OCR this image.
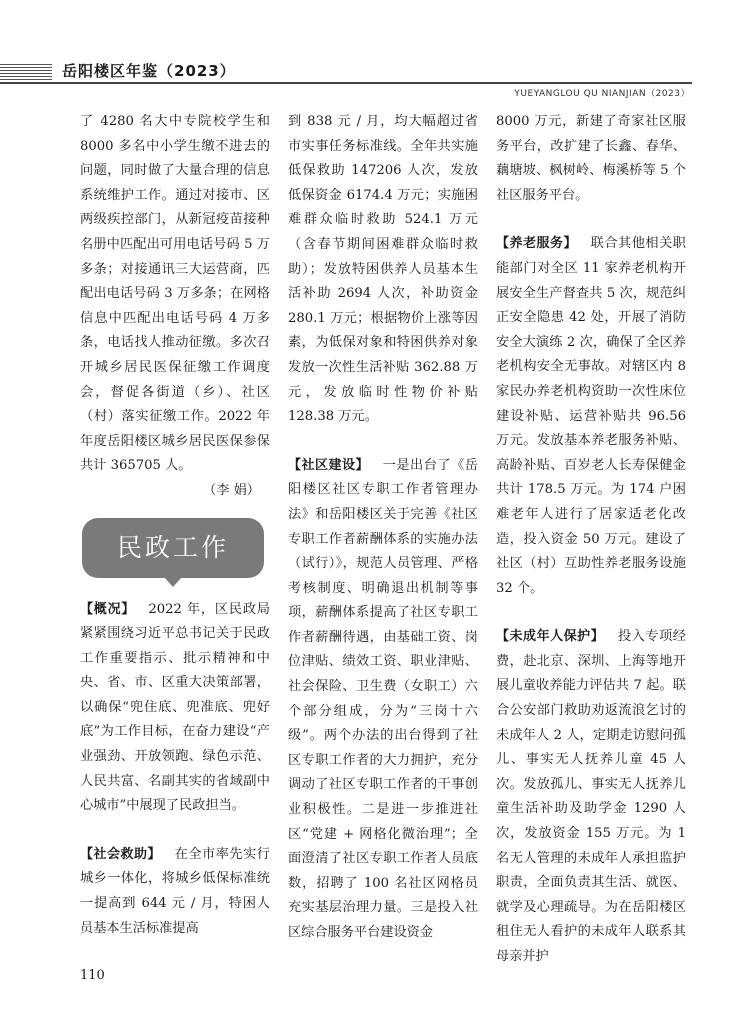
岳阳楼区年鉴（2023）
YUEYANGLOU QU NIANJIAN（2023）

了 4280 名大中专院校学生和 8000 多名中小学生缴不进去的问题，同时做了大量合理的信息系统维护工作。通过对接市、区两级疾控部门，从新冠疫苗接种名册中匹配出可用电话号码 5 万多条；对接通讯三大运营商，匹配出电话号码 3 万多条；在网格信息中匹配出电话号码 4 万多条，电话找人推动征缴。多次召开城乡居民医保征缴工作调度会，督促各街道（乡）、社区（村）落实征缴工作。2022 年年度岳阳楼区城乡居民医保参保共计 365705 人。

（李 娟）

民政工作

【概况】  2022 年，区民政局紧紧围绕习近平总书记关于民政工作重要指示、批示精神和中央、省、市、区重大决策部署，以确保“兜住底、兜准底、兜好底”为工作目标，在奋力建设“产业强劲、开放领跑、绿色示范、人民共富、名副其实的省域副中心城市”中展现了民政担当。

【社会救助】  在全市率先实行城乡一体化，将城乡低保标准统一提高到 644 元 / 月，特困人员基本生活标准提高

到 838 元 / 月，均大幅超过省市实事任务标准线。全年共实施低保救助 147206 人次，发放低保资金 6174.4 万元；实施困难群众临时救助 524.1 万元（含春节期间困难群众临时救助）；发放特困供养人员基本生活补助 2694 人次，补助资金 280.1 万元；根据物价上涨等因素，为低保对象和特困供养对象发放一次性生活补贴 362.88 万元，发放临时性物价补贴 128.38 万元。

【社区建设】  一是出台了《岳阳楼区社区专职工作者管理办法》和岳阳楼区关于完善《社区专职工作者薪酬体系的实施办法（试行）》，规范人员管理、严格考核制度、明确退出机制等事项，薪酬体系提高了社区专职工作者薪酬待遇，由基础工资、岗位津贴、绩效工资、职业津贴、社会保险、卫生费（女职工）六个部分组成，分为“三岗十六级”。两个办法的出台得到了社区专职工作者的大力拥护，充分调动了社区专职工作者的干事创业积极性。二是进一步推进社区“党建 + 网格化微治理”；全面澄清了社区专职工作者人员底数，招聘了 100 名社区网格员充实基层治理力量。三是投入社区综合服务平台建设资金

8000 万元，新建了奇家社区服务平台，改扩建了长鑫、春华、藕塘坡、枫树岭、梅溪桥等 5 个社区服务平台。

【养老服务】  联合其他相关职能部门对全区 11 家养老机构开展安全生产督查共 5 次，规范纠正安全隐患 42 处，开展了消防安全大演练 2 次，确保了全区养老机构安全无事故。对辖区内 8 家民办养老机构资助一次性床位建设补贴、运营补贴共 96.56 万元。发放基本养老服务补贴、高龄补贴、百岁老人长寿保健金共计 178.5 万元。为 174 户困难老年人进行了居家适老化改造，投入资金 50 万元。建设了社区（村）互助性养老服务设施 32 个。

【未成年人保护】  投入专项经费，赴北京、深圳、上海等地开展儿童收养能力评估共 7 起。联合公安部门救助劝返流浪乞讨的未成年人 2 人，定期走访慰问孤儿、事实无人抚养儿童 45 人次。发放孤儿、事实无人抚养儿童生活补助及助学金 1290 人次，发放资金 155 万元。为 1 名无人管理的未成年人承担监护职责，全面负责其生活、就医、就学及心理疏导。为在岳阳楼区租住无人看护的未成年人联系其母亲并护

110
